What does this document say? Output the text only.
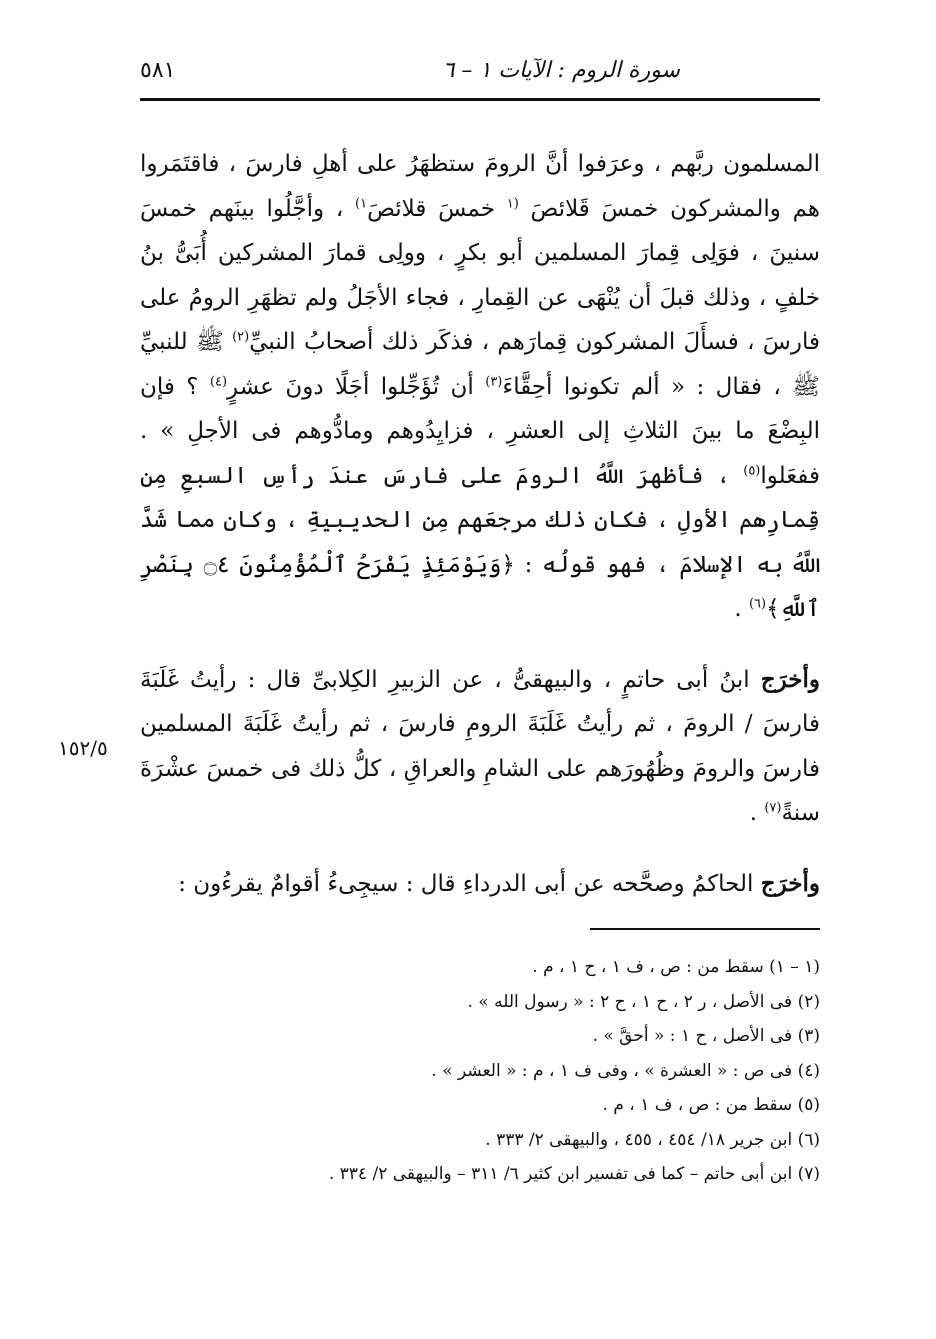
سورة الروم : الآيات ١ – ٦
٥٨١

المسلمون ربَّهم ، وعرَفوا أنَّ الرومَ ستظهَرُ على أهلِ فارسَ ، فاقتَمَروا هم والمشركون خمسَ قَلائصَ $^{(١}$ خمسَ قلائصَ$^{١)}$ ، وأجَّلُوا بينَهم خمسَ سنينَ ، فوَلِى قِمارَ المسلمين أبو بكرٍ ، وولِى قمارَ المشركين أُبَىُّ بنُ خلفٍ ، وذلك قبلَ أن يُنْهَى عن القِمارِ ، فجاء الأجَلُ ولم تظهَرِ الرومُ على فارسَ ، فسأَلَ المشركون قِمارَهم ، فذكَر ذلك أصحابُ النبيِّ$^{(٢)}$ ﷺ للنبيِّ ﷺ ، فقال : « ألم تكونوا أحِقَّاءَ$^{(٣)}$ أن تُؤَجِّلوا أجَلًا دونَ عشرٍ$^{(٤)}$ ؟ فإن البِضْعَ ما بينَ الثلاثِ إلى العشرِ ، فزايِدُوهم ومادُّوهم فى الأجلِ » . ففعَلوا$^{(٥)}$ ، فأظهرَ اللَّهُ الرومَ على فارسَ عندَ رأسِ السبعِ مِن قِمارِهم الأولِ ، فكان ذلك مرجعَهم مِن الحديبيةِ ، وكان مما شَدَّ اللَّهُ به الإسلامَ ، فهو قولُه : ﴿وَيَوْمَئِذٍ يَفْرَحُ ٱلْمُؤْمِنُونَ ۝٤ بِنَصْرِ ٱللَّهِ﴾$^{(٦)}$ .

وأخرَج ابنُ أبى حاتمٍ ، والبيهقىُّ ، عن الزبيرِ الكِلابىِّ قال : رأيتُ غَلَبَةَ فارسَ / الرومَ ، ثم رأيتُ غَلَبَةَ الرومِ فارسَ ، ثم رأيتُ غَلَبَةَ المسلمين فارسَ والرومَ وظُهُورَهم على الشامِ والعراقِ ، كلُّ ذلك فى خمسَ عشْرَةَ سنةً$^{(٧)}$ .

وأخرَج الحاكمُ وصحَّحه عن أبى الدرداءِ قال : سيجِىءُ أقوامٌ يقرءُون :

١٥٢/٥

(١ – ١) سقط من : ص ، ف ١ ، ح ١ ، م .

(٢) فى الأصل ، ر ٢ ، ح ١ ، ح ٢ : « رسول الله » .

(٣) فى الأصل ، ح ١ : « أحقَّ » .

(٤) فى ص : « العشرة » ، وفى ف ١ ، م : « العشر » .

(٥) سقط من : ص ، ف ١ ، م .

(٦) ابن جرير ١٨/ ٤٥٤ ، ٤٥٥ ، والبيهقى ٢/ ٣٣٣ .

(٧) ابن أبى حاتم – كما فى تفسير ابن كثير ٦/ ٣١١ – والبيهقى ٢/ ٣٣٤ .
